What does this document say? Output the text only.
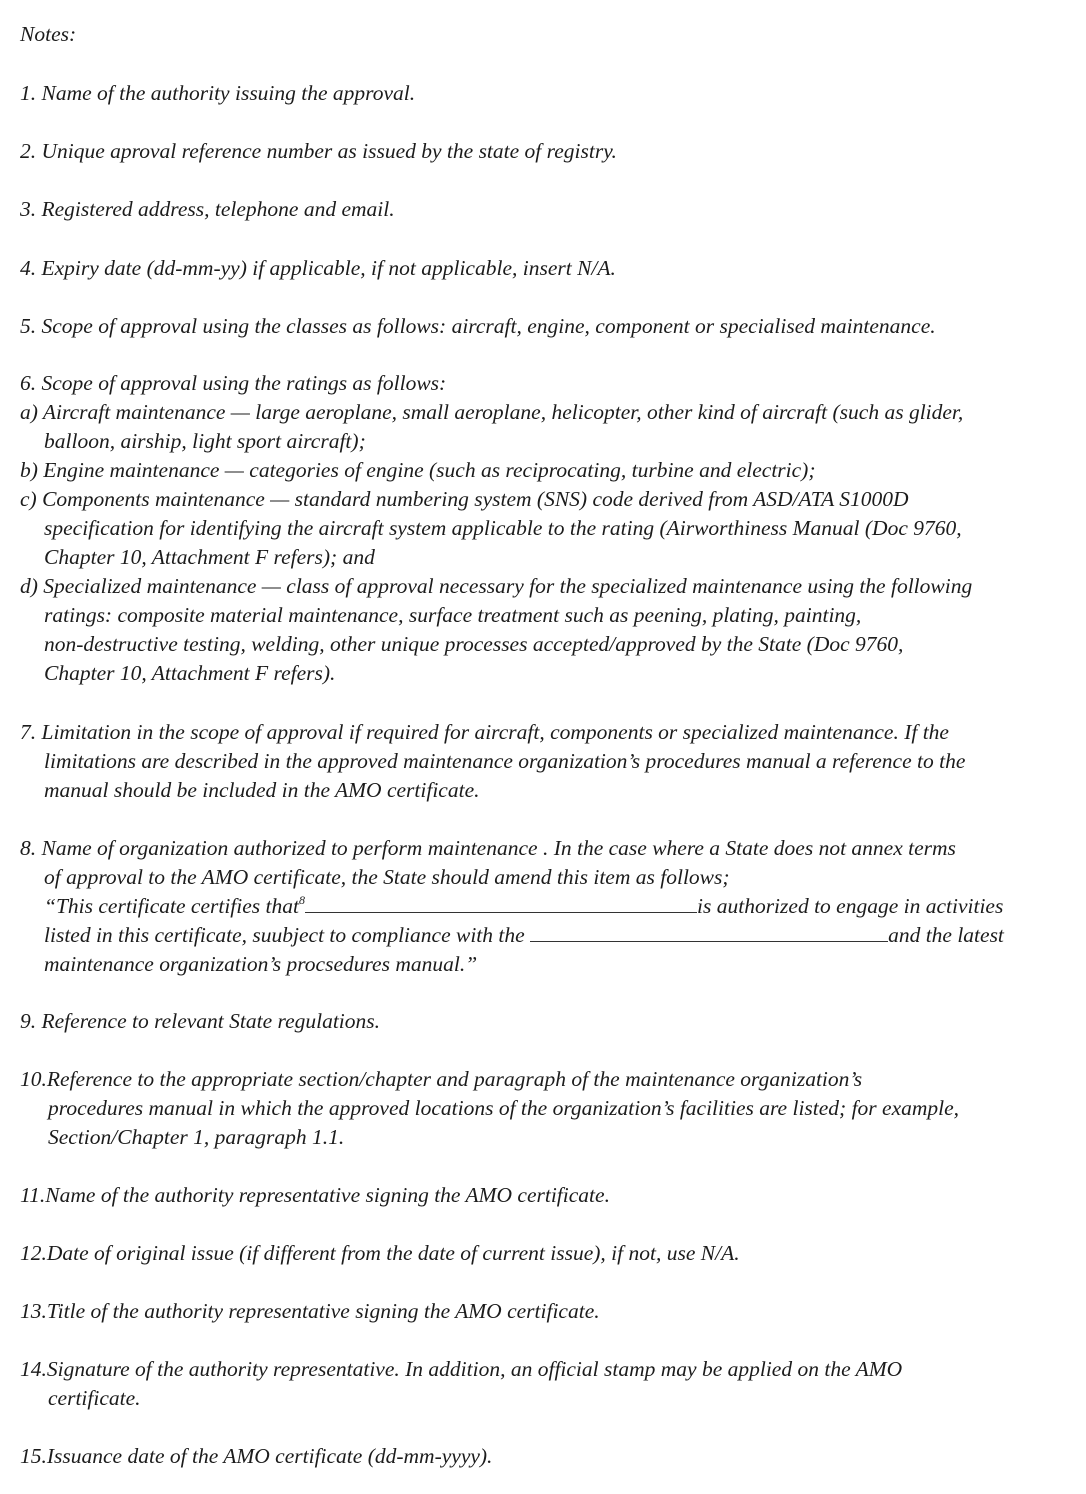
Notes:
1. Name of the authority issuing the approval.
2. Unique aproval reference number as issued by the state of registry.
3. Registered address, telephone and email.
4. Expiry date (dd-mm-yy) if applicable, if not applicable, insert N/A.
5. Scope of approval using the classes as follows: aircraft, engine, component or specialised maintenance.
6. Scope of approval using the ratings as follows:
a) Aircraft maintenance — large aeroplane, small aeroplane, helicopter, other kind of aircraft (such as glider,
balloon, airship, light sport aircraft);
b) Engine maintenance — categories of engine (such as reciprocating, turbine and electric);
c) Components maintenance — standard numbering system (SNS) code derived from ASD/ATA S1000D
specification for identifying the aircraft system applicable to the rating (Airworthiness Manual (Doc 9760,
Chapter 10, Attachment F refers); and
d) Specialized maintenance — class of approval necessary for the specialized maintenance using the following
ratings: composite material maintenance, surface treatment such as peening, plating, painting,
non-destructive testing, welding, other unique processes accepted/approved by the State (Doc 9760,
Chapter 10, Attachment F refers).
7. Limitation in the scope of approval if required for aircraft, components or specialized maintenance. If the
limitations are described in the approved maintenance organization’s procedures manual a reference to the
manual should be included in the AMO certificate.
8. Name of organization authorized to perform maintenance . In the case where a State does not annex terms
of approval to the AMO certificate, the State should amend this item as follows;
“This certificate certifies that$^8$	is authorized to engage in activities
listed in this certificate, suubject to compliance with the	and the latest
maintenance organization’s procsedures manual.”
9. Reference to relevant State regulations.
10.Reference to the appropriate section/chapter and paragraph of the maintenance organization’s
procedures manual in which the approved locations of the organization’s facilities are listed; for example,
Section/Chapter 1, paragraph 1.1.
11.Name of the authority representative signing the AMO certificate.
12.Date of original issue (if different from the date of current issue), if not, use N/A.
13.Title of the authority representative signing the AMO certificate.
14.Signature of the authority representative. In addition, an official stamp may be applied on the AMO
certificate.
15.Issuance date of the AMO certificate (dd-mm-yyyy).
